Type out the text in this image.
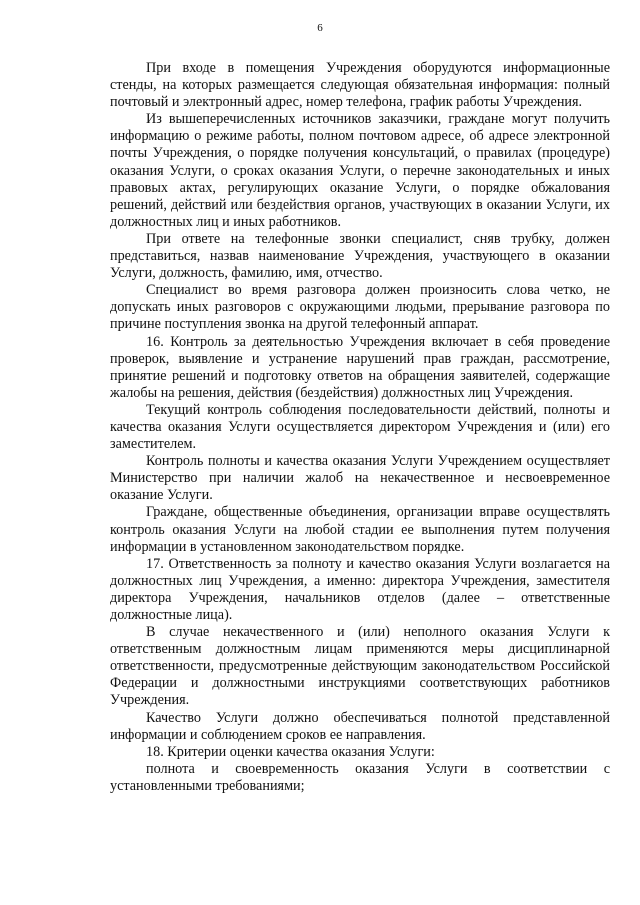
6

При входе в помещения Учреждения оборудуются информационные стенды, на которых размещается следующая обязательная информация: полный почтовый и электронный адрес, номер телефона, график работы Учреждения.

Из вышеперечисленных источников заказчики, граждане могут получить информацию о режиме работы, полном почтовом адресе, об адресе электронной почты Учреждения, о порядке получения консультаций, о правилах (процедуре) оказания Услуги, о сроках оказания Услуги, о перечне законодательных и иных правовых актах, регулирующих оказание Услуги, о порядке обжалования решений, действий или бездействия органов, участвующих в оказании Услуги, их должностных лиц и иных работников.

При ответе на телефонные звонки специалист, сняв трубку, должен представиться, назвав наименование Учреждения, участвующего в оказании Услуги, должность, фамилию, имя, отчество.

Специалист во время разговора должен произносить слова четко, не допускать иных разговоров с окружающими людьми, прерывание разговора по причине поступления звонка на другой телефонный аппарат.

16. Контроль за деятельностью Учреждения включает в себя проведение проверок, выявление и устранение нарушений прав граждан, рассмотрение, принятие решений и подготовку ответов на обращения заявителей, содержащие жалобы на решения, действия (бездействия) должностных лиц Учреждения.

Текущий контроль соблюдения последовательности действий, полноты и качества оказания Услуги осуществляется директором Учреждения и (или) его заместителем.

Контроль полноты и качества оказания Услуги Учреждением осуществляет Министерство при наличии жалоб на некачественное и несвоевременное оказание Услуги.

Граждане, общественные объединения, организации вправе осуществлять контроль оказания Услуги на любой стадии ее выполнения путем получения информации в установленном законодательством порядке.

17. Ответственность за полноту и качество оказания Услуги возлагается на должностных лиц Учреждения, а именно: директора Учреждения, заместителя директора Учреждения, начальников отделов (далее – ответственные должностные лица).

В случае некачественного и (или) неполного оказания Услуги к ответственным должностным лицам применяются меры дисциплинарной ответственности, предусмотренные действующим законодательством Российской Федерации и должностными инструкциями соответствующих работников Учреждения.

Качество Услуги должно обеспечиваться полнотой представленной информации и соблюдением сроков ее направления.

18. Критерии оценки качества оказания Услуги:

полнота и своевременность оказания Услуги в соответствии с установленными требованиями;
